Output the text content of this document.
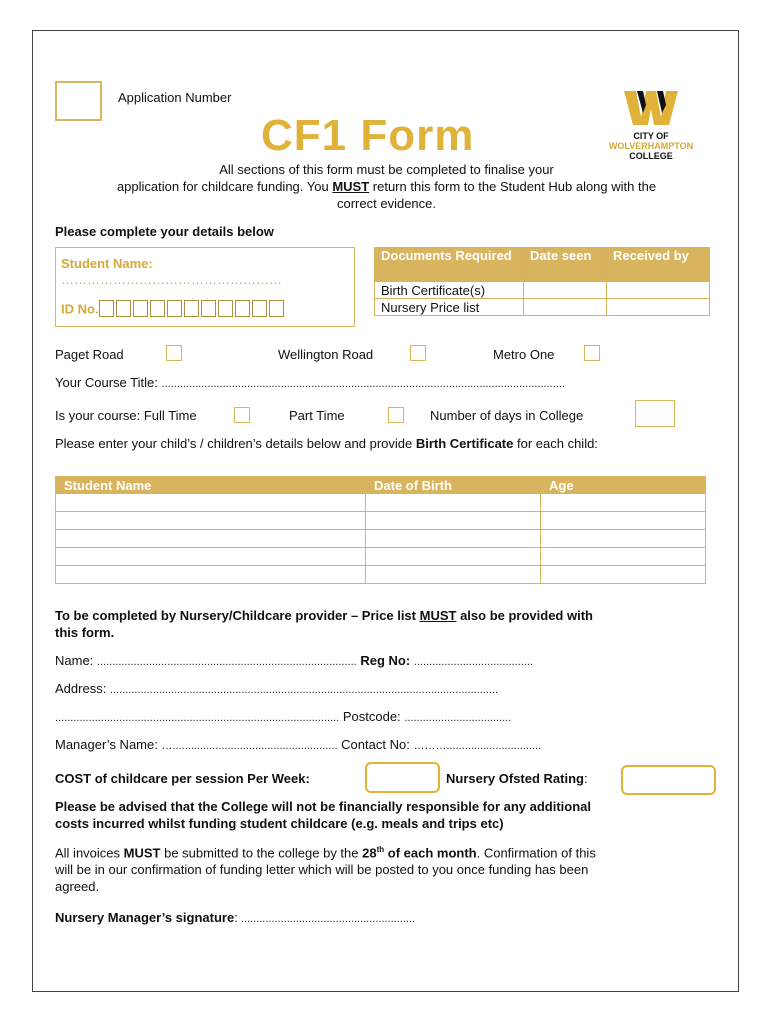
Application Number
CF1 Form	CITY OF
WOLVERHAMPTON
COLLEGE
All sections of this form must be completed to finalise your
application for childcare funding. You MUST return this form to the Student Hub along with the
correct evidence.
Please complete your details below
Student Name:
……………………………………………
ID No.
Documents Required	Date seen	Received by
Birth Certificate(s)		
Nursery Price list		
Paget Road	Wellington Road	Metro One
Your Course Title: ....................................................................................................................................
Is your course: Full Time	Part Time	Number of days in College
Please enter your child’s / children’s details below and provide Birth Certificate for each child:
Student Name	Date of Birth	Age

To be completed by Nursery/Childcare provider – Price list MUST also be provided with
this form.
Name: ..................................................................................... Reg No: .......................................
Address: ...............................................................................................................................
............................................................................................. Postcode: ...................................
Manager’s Name: …...................................................... Contact No: ………...............................
COST of childcare per session Per Week:	Nursery Ofsted Rating:
Please be advised that the College will not be financially responsible for any additional
costs incurred whilst funding student childcare (e.g. meals and trips etc)
All invoices MUST be submitted to the college by the 28th of each month. Confirmation of this
will be in our confirmation of funding letter which will be posted to you once funding has been
agreed.
Nursery Manager’s signature: .........................................................
